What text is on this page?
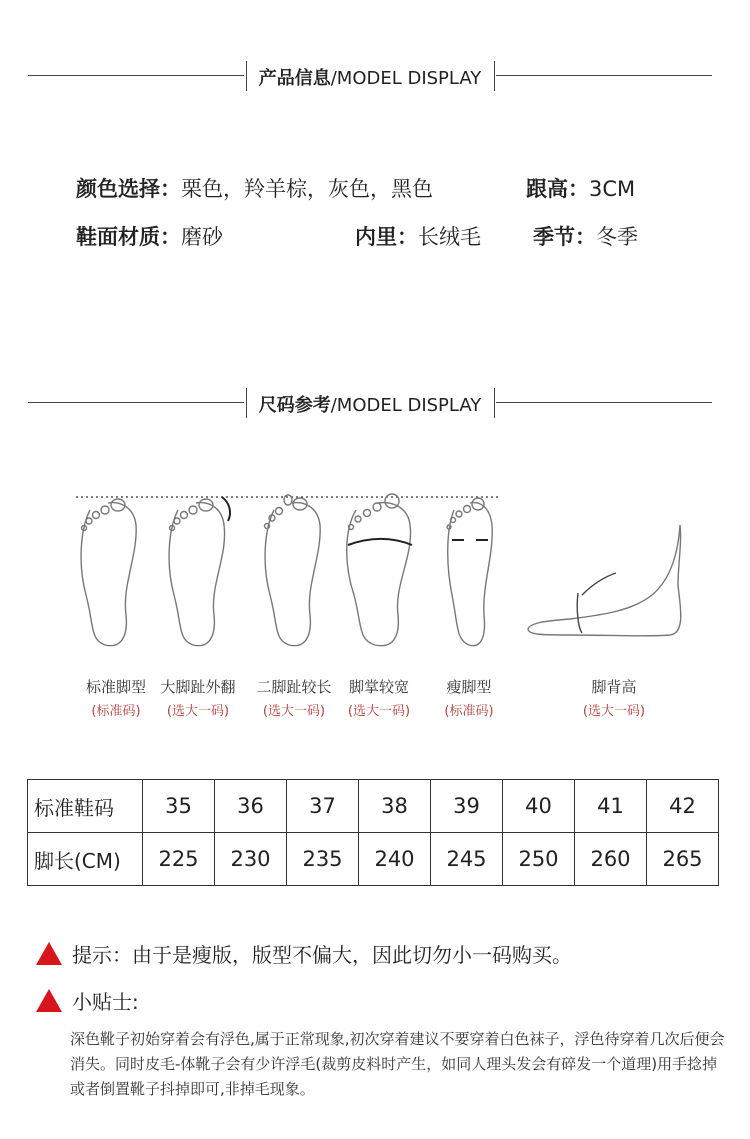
产品信息/MODEL DISPLAY
颜色选择：栗色，羚羊棕，灰色，黑色	跟高：3CM
鞋面材质：磨砂	内里：长绒毛 季节：冬季
尺码参考/MODEL DISPLAY
标准脚型
(标准码)
大脚趾外翻
(选大一码)
二脚趾较长
(选大一码)
脚掌较宽
(选大一码)
瘦脚型
(标准码)
脚背高
(选大一码)
标准鞋码	35	36	37	38	39	40	41	42
脚长(CM)	225	230	235	240	245	250	260	265
提示：由于是瘦版，版型不偏大，因此切勿小一码购买。
小贴士:
深色靴子初始穿着会有浮色,属于正常现象,初次穿着建议不要穿着白色袜子，浮色待穿着几次后便会消失。同时皮毛-体靴子会有少许浮毛(裁剪皮料时产生，如同人理头发会有碎发一个道理)用手捻掉或者倒置靴子抖掉即可,非掉毛现象。
